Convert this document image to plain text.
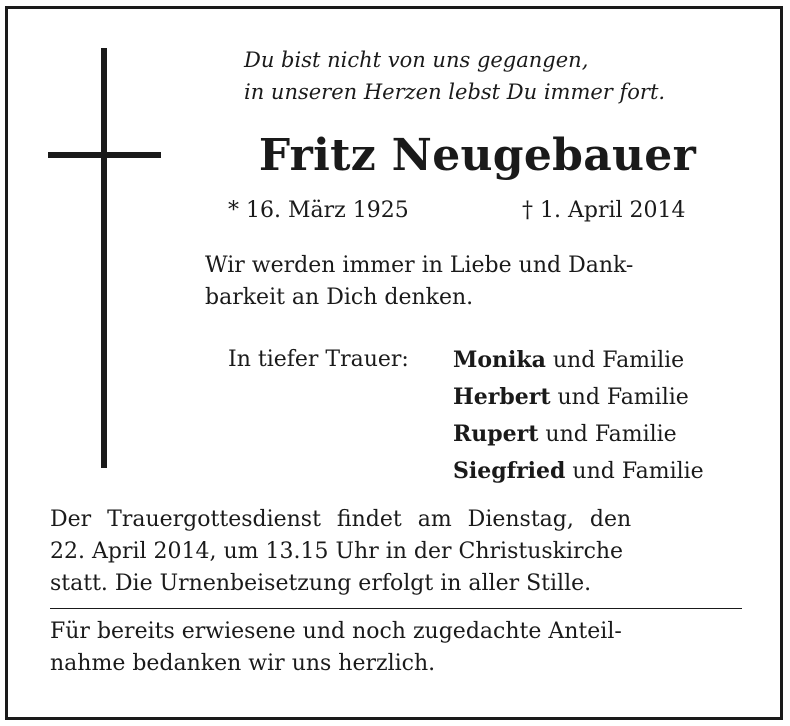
Du bist nicht von uns gegangen,
in unseren Herzen lebst Du immer fort.
Fritz Neugebauer
* 16. März 1925	† 1. April 2014
Wir werden immer in Liebe und Dank-
barkeit an Dich denken.
In tiefer Trauer: Monika und Familie
Herbert und Familie
Rupert und Familie
Siegfried und Familie
Der Trauergottesdienst findet am Dienstag, den
22. April 2014, um 13.15 Uhr in der Christuskirche
statt. Die Urnenbeisetzung erfolgt in aller Stille.
Für bereits erwiesene und noch zugedachte Anteil-
nahme bedanken wir uns herzlich.
